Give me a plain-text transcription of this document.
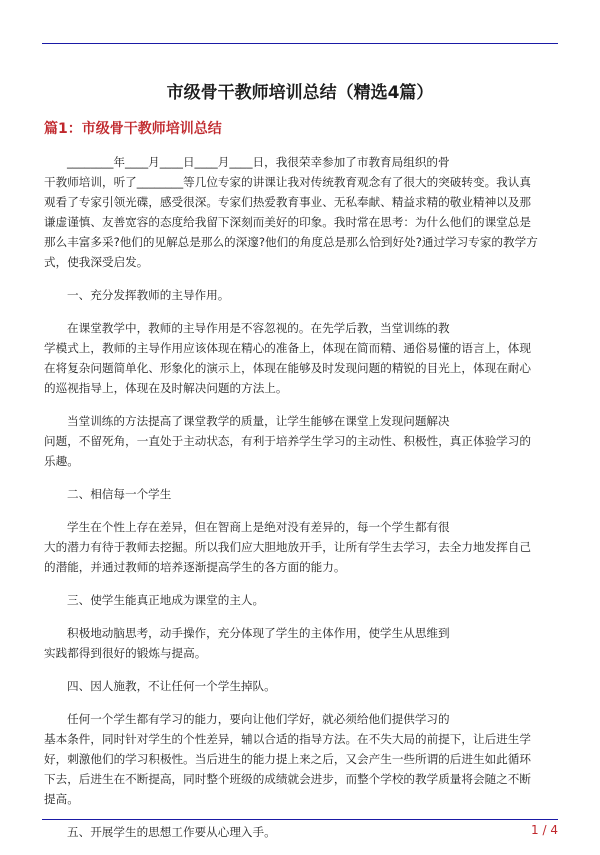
市级骨干教师培训总结（精选4篇）
篇1：市级骨干教师培训总结

________年____月____日____月____日，我很荣幸参加了市教育局组织的骨
干教师培训，听了________等几位专家的讲课让我对传统教育观念有了很大的突破转变。我认真
观看了专家引领光碟，感受很深。专家们热爱教育事业、无私奉献、精益求精的敬业精神以及那
谦虚谨慎、友善宽容的态度给我留下深刻而美好的印象。我时常在思考：为什么他们的课堂总是
那么丰富多采?他们的见解总是那么的深邃?他们的角度总是那么恰到好处?通过学习专家的教学方
式，使我深受启发。

一、充分发挥教师的主导作用。

在课堂教学中，教师的主导作用是不容忽视的。在先学后教，当堂训练的教
学模式上，教师的主导作用应该体现在精心的准备上，体现在简而精、通俗易懂的语言上，体现
在将复杂问题简单化、形象化的演示上，体现在能够及时发现问题的精锐的目光上，体现在耐心
的巡视指导上，体现在及时解决问题的方法上。

当堂训练的方法提高了课堂教学的质量，让学生能够在课堂上发现问题解决
问题，不留死角，一直处于主动状态，有利于培养学生学习的主动性、积极性，真正体验学习的
乐趣。

二、相信每一个学生

学生在个性上存在差异，但在智商上是绝对没有差异的，每一个学生都有很
大的潜力有待于教师去挖掘。所以我们应大胆地放开手，让所有学生去学习，去全力地发挥自己
的潜能，并通过教师的培养逐渐提高学生的各方面的能力。

三、使学生能真正地成为课堂的主人。

积极地动脑思考，动手操作，充分体现了学生的主体作用，使学生从思维到
实践都得到很好的锻炼与提高。

四、因人施教，不让任何一个学生掉队。

任何一个学生都有学习的能力，要向让他们学好，就必须给他们提供学习的
基本条件，同时针对学生的个性差异，辅以合适的指导方法。在不失大局的前提下，让后进生学
好，刺激他们的学习积极性。当后进生的能力提上来之后，又会产生一些所谓的后进生如此循环
下去，后进生在不断提高，同时整个班级的成绩就会进步，而整个学校的教学质量将会随之不断
提高。

五、开展学生的思想工作要从心理入手。	1 / 4
